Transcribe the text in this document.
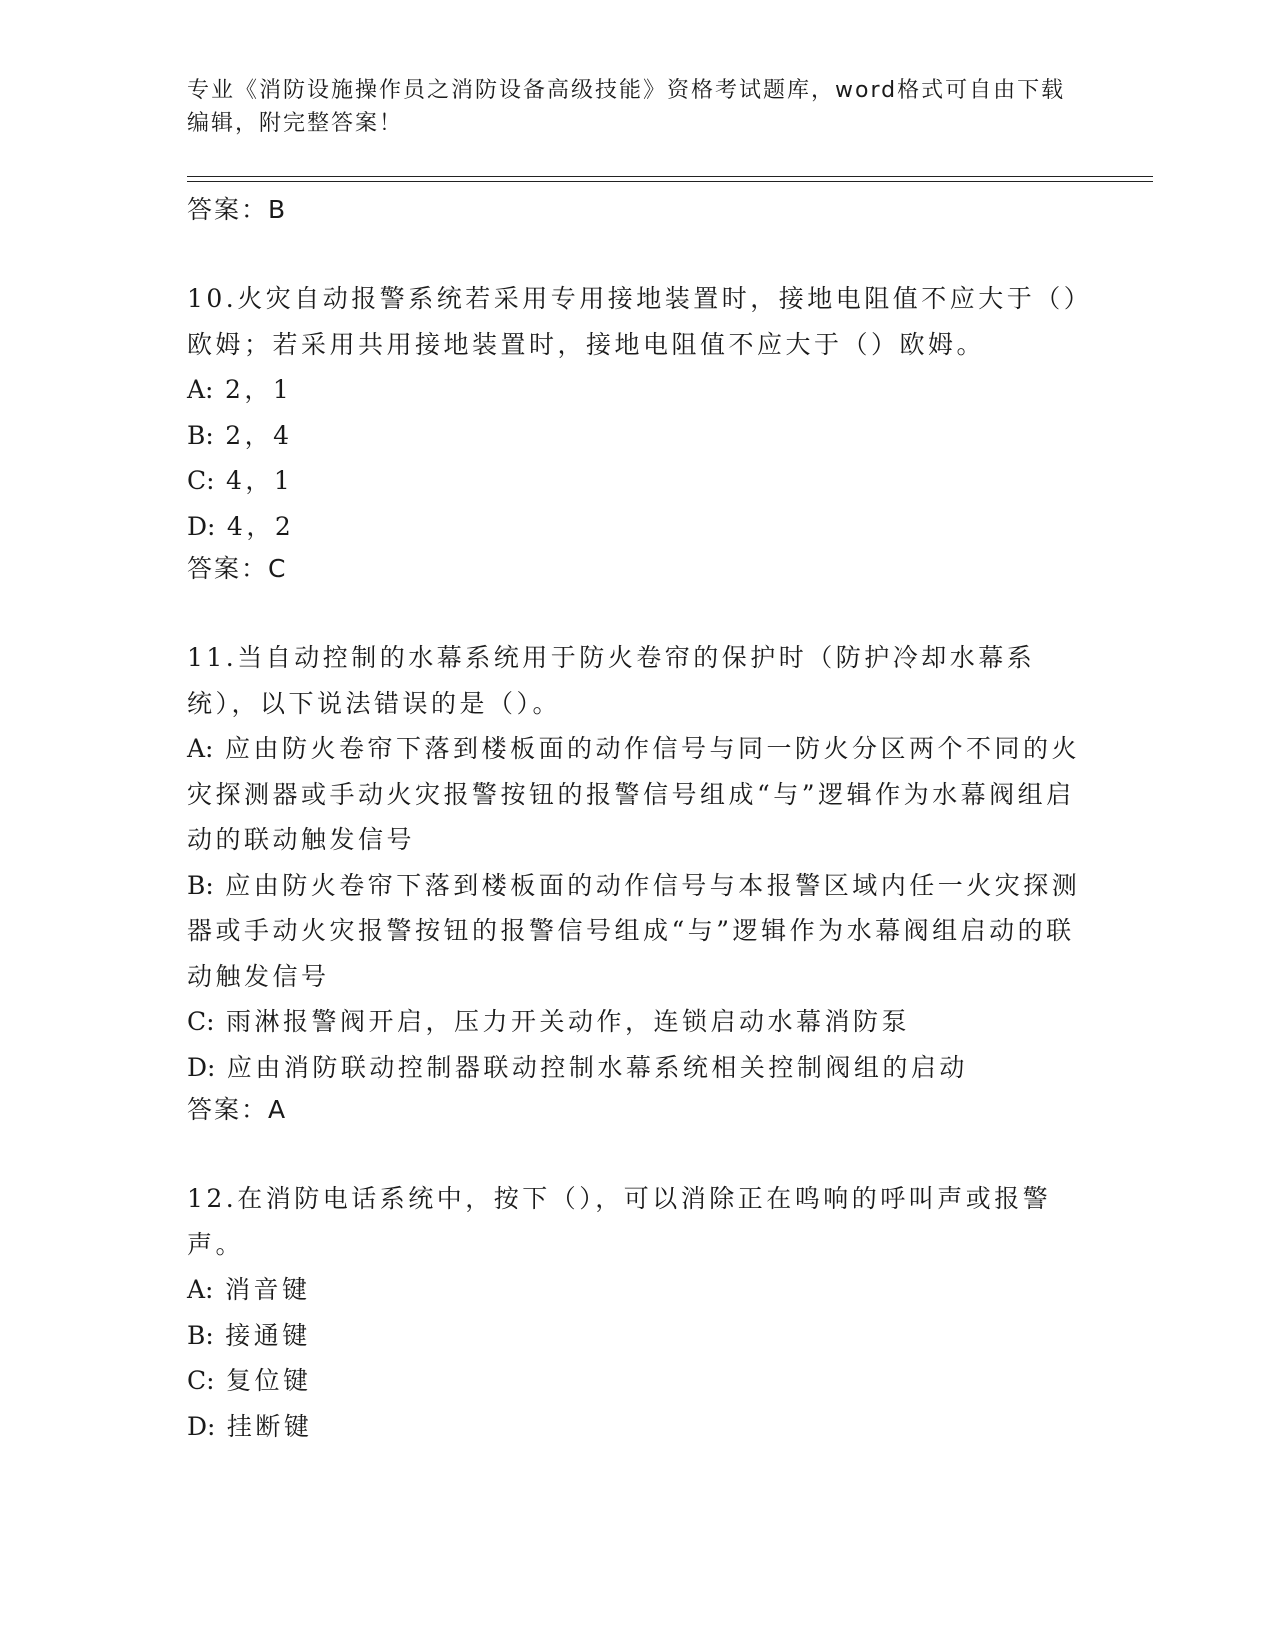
专业《消防设施操作员之消防设备高级技能》资格考试题库，word格式可自由下载编辑，附完整答案！

答案：B

10.火灾自动报警系统若采用专用接地装置时，接地电阻值不应大于（）欧姆；若采用共用接地装置时，接地电阻值不应大于（）欧姆。

A: 2，1

B: 2，4

C: 4，1

D: 4，2

答案：C

11.当自动控制的水幕系统用于防火卷帘的保护时（防护冷却水幕系统），以下说法错误的是（）。

A: 应由防火卷帘下落到楼板面的动作信号与同一防火分区两个不同的火灾探测器或手动火灾报警按钮的报警信号组成“与”逻辑作为水幕阀组启动的联动触发信号

B: 应由防火卷帘下落到楼板面的动作信号与本报警区域内任一火灾探测器或手动火灾报警按钮的报警信号组成“与”逻辑作为水幕阀组启动的联动触发信号

C: 雨淋报警阀开启，压力开关动作，连锁启动水幕消防泵

D: 应由消防联动控制器联动控制水幕系统相关控制阀组的启动

答案：A

12.在消防电话系统中，按下（），可以消除正在鸣响的呼叫声或报警声。

A: 消音键

B: 接通键

C: 复位键

D: 挂断键
